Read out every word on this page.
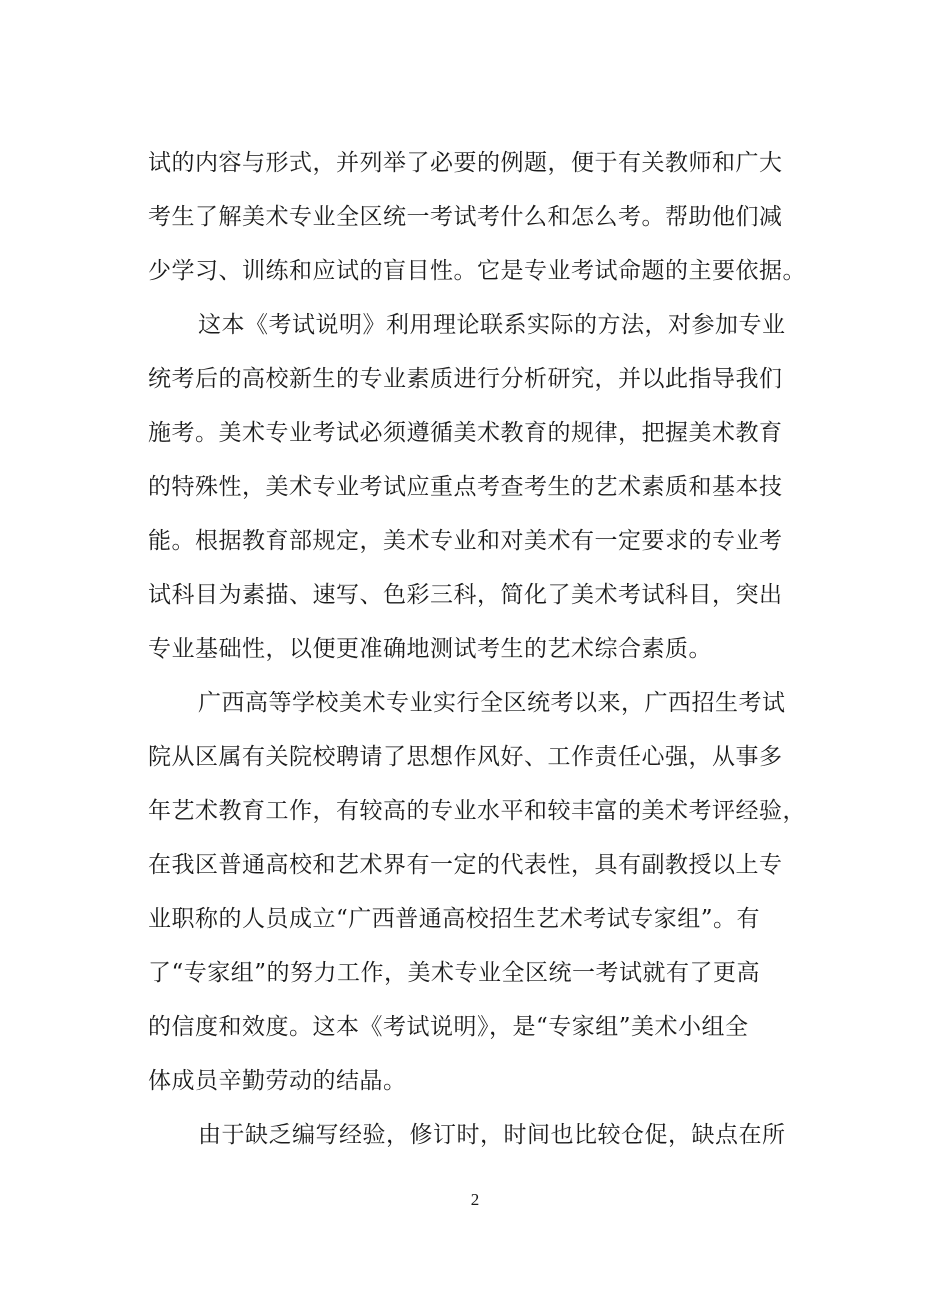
试的内容与形式，并列举了必要的例题，便于有关教师和广大
考生了解美术专业全区统一考试考什么和怎么考。帮助他们减
少学习、训练和应试的盲目性。它是专业考试命题的主要依据。
这本《考试说明》利用理论联系实际的方法，对参加专业
统考后的高校新生的专业素质进行分析研究，并以此指导我们
施考。美术专业考试必须遵循美术教育的规律，把握美术教育
的特殊性，美术专业考试应重点考查考生的艺术素质和基本技
能。根据教育部规定，美术专业和对美术有一定要求的专业考
试科目为素描、速写、色彩三科，简化了美术考试科目，突出
专业基础性，以便更准确地测试考生的艺术综合素质。
广西高等学校美术专业实行全区统考以来，广西招生考试
院从区属有关院校聘请了思想作风好、工作责任心强，从事多
年艺术教育工作，有较高的专业水平和较丰富的美术考评经验，
在我区普通高校和艺术界有一定的代表性，具有副教授以上专
业职称的人员成立“广西普通高校招生艺术考试专家组”。有
了“专家组”的努力工作，美术专业全区统一考试就有了更高
的信度和效度。这本《考试说明》，是“专家组”美术小组全
体成员辛勤劳动的结晶。
由于缺乏编写经验，修订时，时间也比较仓促，缺点在所
2
